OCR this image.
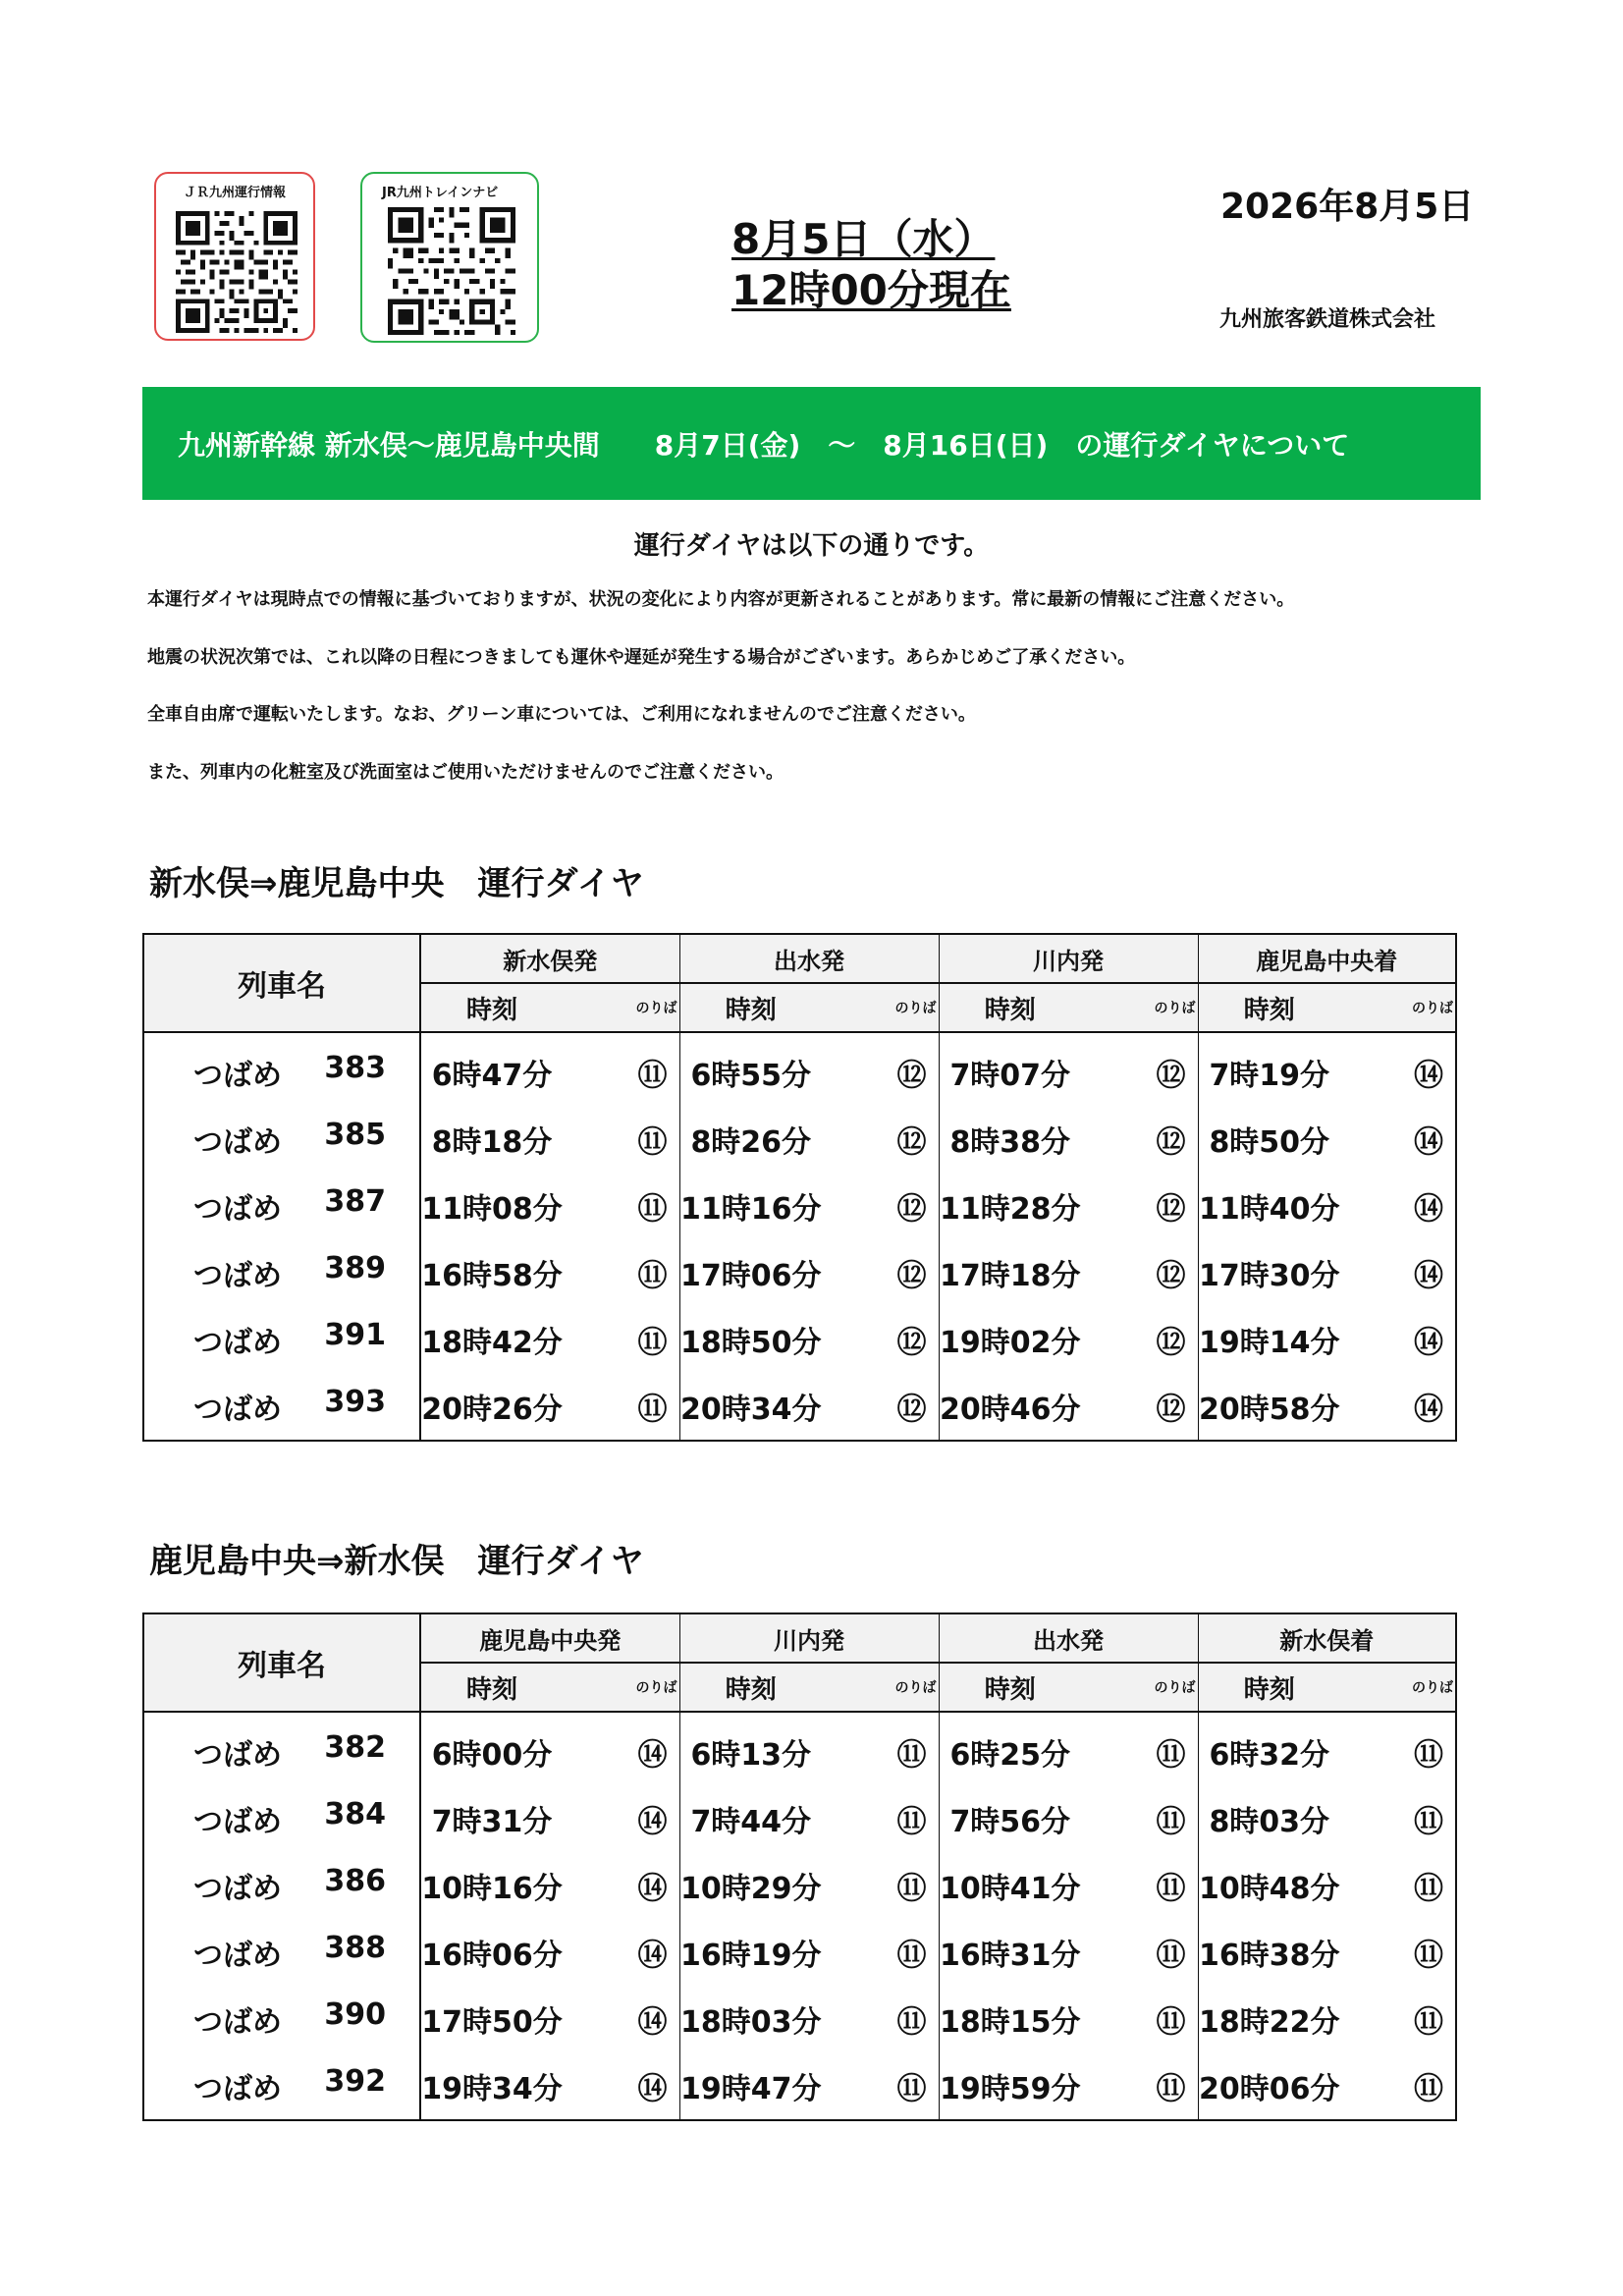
ＪＲ九州運行情報	JR九州トレインナビ
8月5日（水）
12時00分現在
2026年8月5日
九州旅客鉄道株式会社
九州新幹線 新水俣～鹿児島中央間　　8月7日(金)　～　8月16日(日)　の運行ダイヤについて
運行ダイヤは以下の通りです。
本運行ダイヤは現時点での情報に基づいておりますが、状況の変化により内容が更新されることがあります。常に最新の情報にご注意ください。
地震の状況次第では、これ以降の日程につきましても運休や遅延が発生する場合がございます。あらかじめご了承ください。
全車自由席で運転いたします。なお、グリーン車については、ご利用になれませんのでご注意ください。
また、列車内の化粧室及び洗面室はご使用いただけませんのでご注意ください。
新水俣⇒鹿児島中央　運行ダイヤ
列車名	新水俣発		出水発		川内発		鹿児島中央着	
	時刻	のりば	時刻	のりば	時刻	のりば	時刻	のりば
つばめ 383	6時47分	⑪	6時55分	⑫	7時07分	⑫	7時19分	⑭
つばめ 385	8時18分	⑪	8時26分	⑫	8時38分	⑫	8時50分	⑭
つばめ 387	11時08分	⑪	11時16分	⑫	11時28分	⑫	11時40分	⑭
つばめ 389	16時58分	⑪	17時06分	⑫	17時18分	⑫	17時30分	⑭
つばめ 391	18時42分	⑪	18時50分	⑫	19時02分	⑫	19時14分	⑭
つばめ 393	20時26分	⑪	20時34分	⑫	20時46分	⑫	20時58分	⑭
鹿児島中央⇒新水俣　運行ダイヤ
列車名	鹿児島中央発		川内発		出水発		新水俣着	
	時刻	のりば	時刻	のりば	時刻	のりば	時刻	のりば
つばめ 382	6時00分	⑭	6時13分	⑪	6時25分	⑪	6時32分	⑪
つばめ 384	7時31分	⑭	7時44分	⑪	7時56分	⑪	8時03分	⑪
つばめ 386	10時16分	⑭	10時29分	⑪	10時41分	⑪	10時48分	⑪
つばめ 388	16時06分	⑭	16時19分	⑪	16時31分	⑪	16時38分	⑪
つばめ 390	17時50分	⑭	18時03分	⑪	18時15分	⑪	18時22分	⑪
つばめ 392	19時34分	⑭	19時47分	⑪	19時59分	⑪	20時06分	⑪
